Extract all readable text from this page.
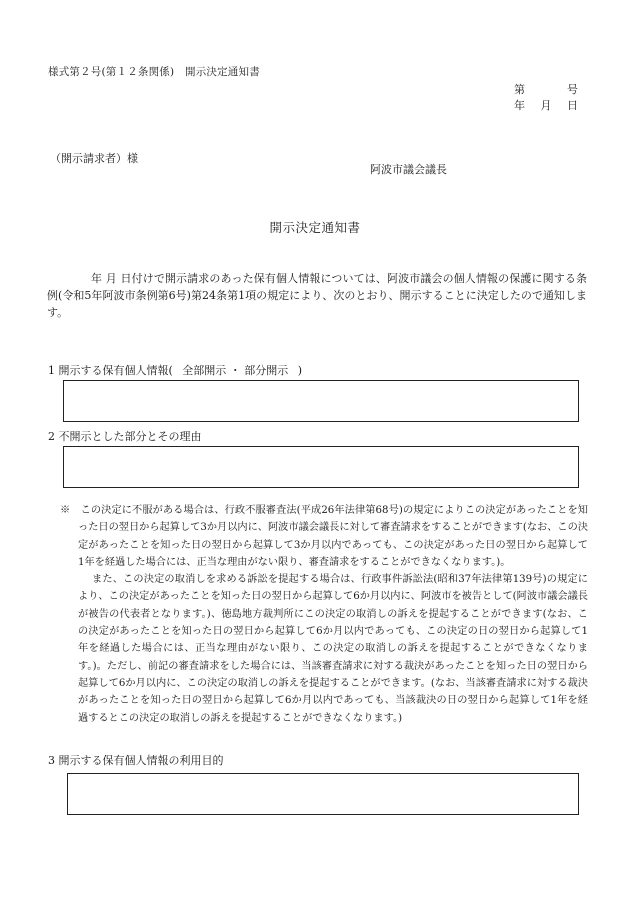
様式第２号(第１２条関係)　開示決定通知書
第	号
年 月 日
（開示請求者）様
阿波市議会議長
開示決定通知書
年 月 日付けで開示請求のあった保有個人情報については、阿波市議会の個人情報の保護に関する条例(令和5年阿波市条例第6号)第24条第1項の規定により、次のとおり、開示することに決定したので通知します。
1 開示する保有個人情報( 全部開示 ・ 部分開示 )
2 不開示とした部分とその理由

※　この決定に不服がある場合は、行政不服審査法(平成26年法律第68号)の規定によりこの決定があったことを知った日の翌日から起算して3か月以内に、阿波市議会議長に対して審査請求をすることができます(なお、この決定があったことを知った日の翌日から起算して3か月以内であっても、この決定があった日の翌日から起算して1年を経過した場合には、正当な理由がない限り、審査請求をすることができなくなります。)。

また、この決定の取消しを求める訴訟を提起する場合は、行政事件訴訟法(昭和37年法律第139号)の規定により、この決定があったことを知った日の翌日から起算して6か月以内に、阿波市を被告として(阿波市議会議長が被告の代表者となります。)、徳島地方裁判所にこの決定の取消しの訴えを提起することができます(なお、この決定があったことを知った日の翌日から起算して6か月以内であっても、この決定の日の翌日から起算して1年を経過した場合には、正当な理由がない限り、この決定の取消しの訴えを提起することができなくなります。)。ただし、前記の審査請求をした場合には、当該審査請求に対する裁決があったことを知った日の翌日から起算して6か月以内に、この決定の取消しの訴えを提起することができます。(なお、当該審査請求に対する裁決があったことを知った日の翌日から起算して6か月以内であっても、当該裁決の日の翌日から起算して1年を経過するとこの決定の取消しの訴えを提起することができなくなります。)

3 開示する保有個人情報の利用目的
